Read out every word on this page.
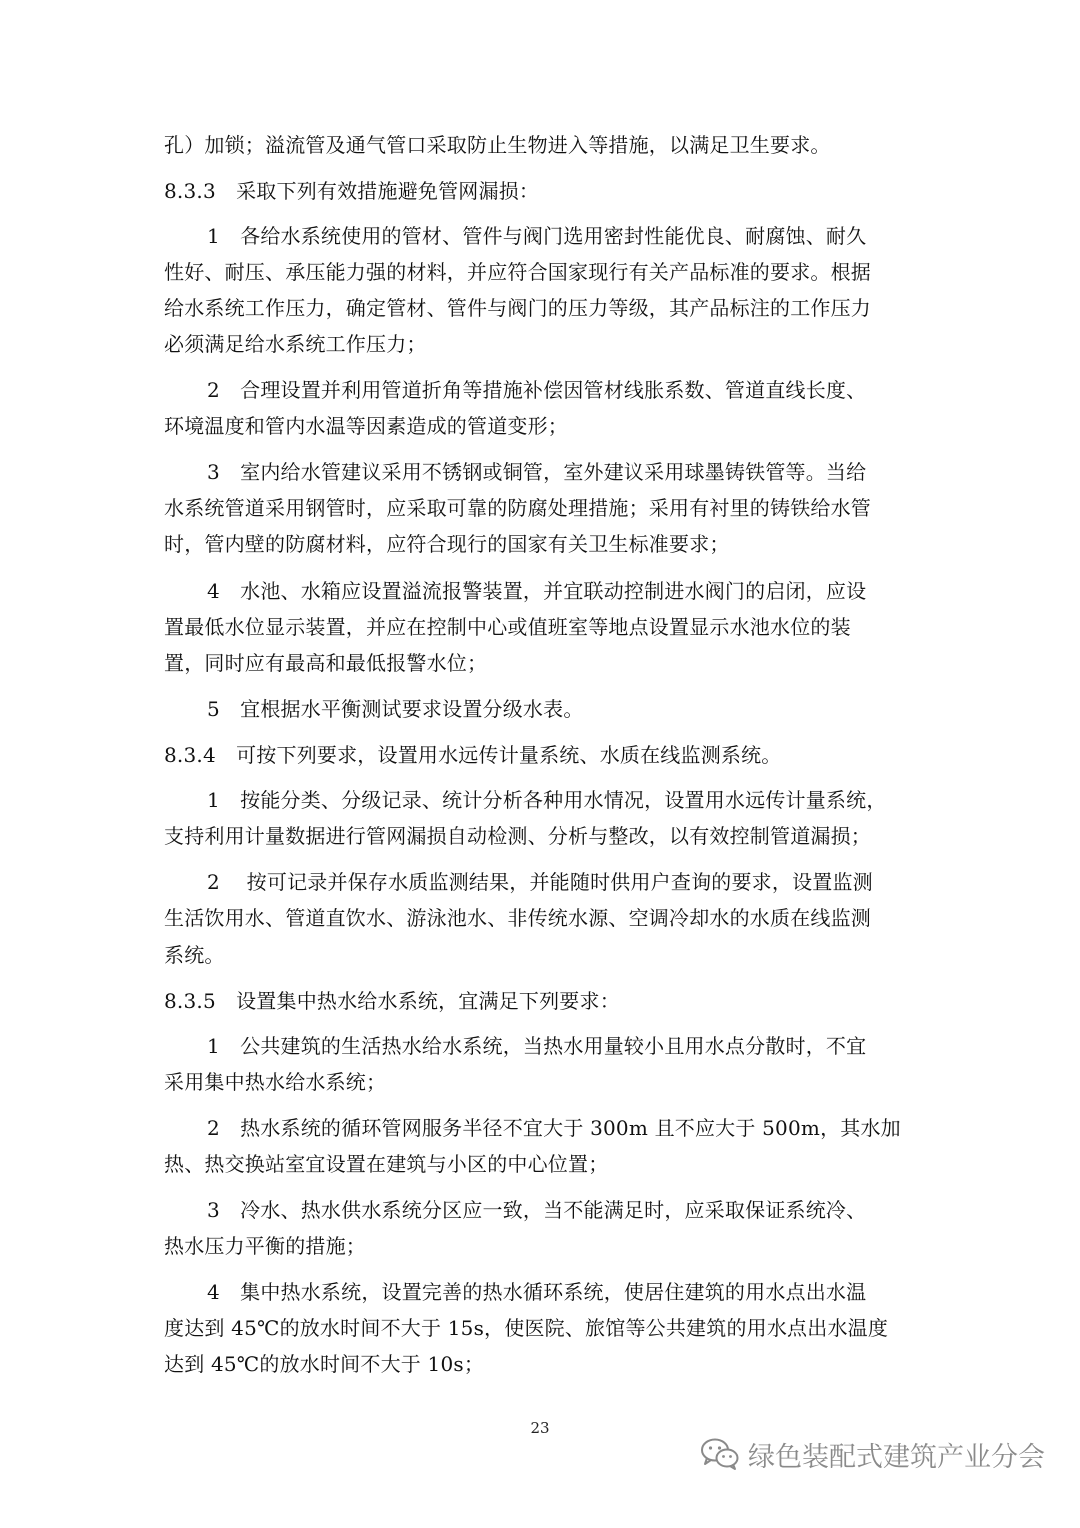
孔）加锁；溢流管及通气管口采取防止生物进入等措施，以满足卫生要求。
8.3.3　采取下列有效措施避免管网漏损：
1　各给水系统使用的管材、管件与阀门选用密封性能优良、耐腐蚀、耐久
性好、耐压、承压能力强的材料，并应符合国家现行有关产品标准的要求。根据
给水系统工作压力，确定管材、管件与阀门的压力等级，其产品标注的工作压力
必须满足给水系统工作压力；
2　合理设置并利用管道折角等措施补偿因管材线胀系数、管道直线长度、
环境温度和管内水温等因素造成的管道变形；
3　室内给水管建议采用不锈钢或铜管，室外建议采用球墨铸铁管等。当给
水系统管道采用钢管时，应采取可靠的防腐处理措施；采用有衬里的铸铁给水管
时，管内壁的防腐材料，应符合现行的国家有关卫生标准要求；
4　水池、水箱应设置溢流报警装置，并宜联动控制进水阀门的启闭，应设
置最低水位显示装置，并应在控制中心或值班室等地点设置显示水池水位的装
置，同时应有最高和最低报警水位；
5　宜根据水平衡测试要求设置分级水表。
8.3.4　可按下列要求，设置用水远传计量系统、水质在线监测系统。
1　按能分类、分级记录、统计分析各种用水情况，设置用水远传计量系统，
支持利用计量数据进行管网漏损自动检测、分析与整改，以有效控制管道漏损；
2　 按可记录并保存水质监测结果，并能随时供用户查询的要求，设置监测
生活饮用水、管道直饮水、游泳池水、非传统水源、空调冷却水的水质在线监测
系统。
8.3.5　设置集中热水给水系统，宜满足下列要求：
1　公共建筑的生活热水给水系统，当热水用量较小且用水点分散时，不宜
采用集中热水给水系统；
2　热水系统的循环管网服务半径不宜大于 300m 且不应大于 500m，其水加
热、热交换站室宜设置在建筑与小区的中心位置；
3　冷水、热水供水系统分区应一致，当不能满足时，应采取保证系统冷、
热水压力平衡的措施；
4　集中热水系统，设置完善的热水循环系统，使居住建筑的用水点出水温
度达到 45℃的放水时间不大于 15s，使医院、旅馆等公共建筑的用水点出水温度
达到 45℃的放水时间不大于 10s；
23
绿色装配式建筑产业分会
